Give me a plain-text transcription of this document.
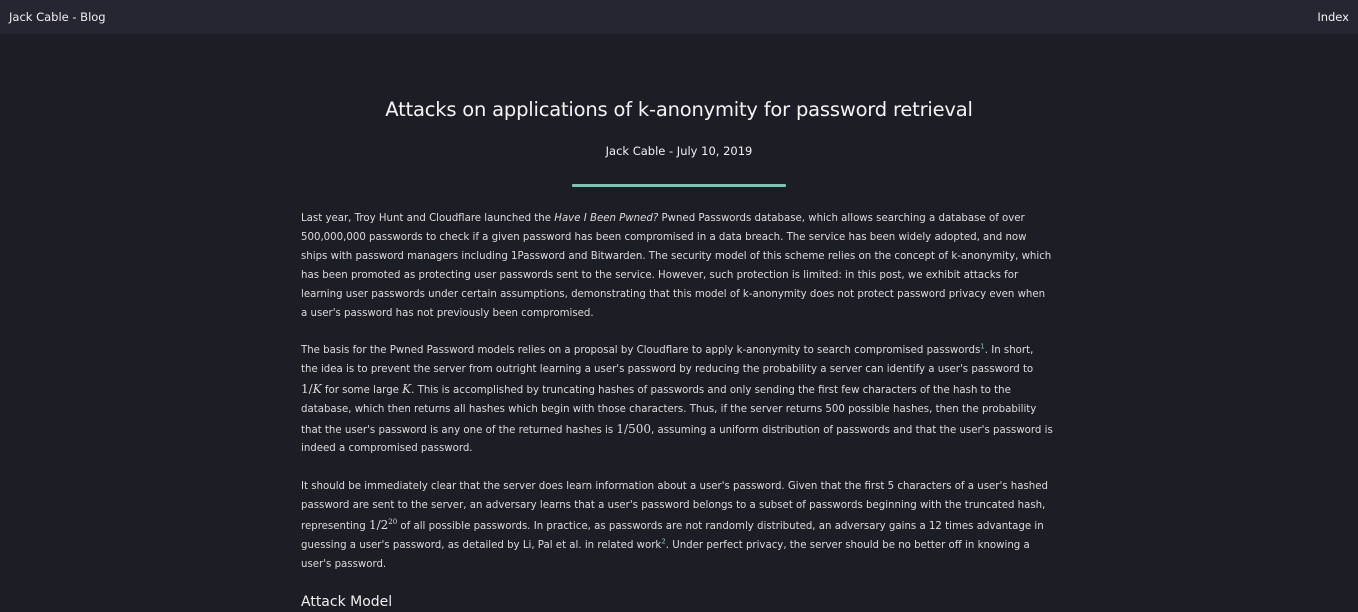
Jack Cable - Blog	Index
Attacks on applications of k-anonymity for password retrieval
Jack Cable - July 10, 2019

Last year, Troy Hunt and Cloudflare launched the Have I Been Pwned? Pwned Passwords database, which allows searching a database of over 500,000,000 passwords to check if a given password has been compromised in a data breach. The service has been widely adopted, and now ships with password managers including 1Password and Bitwarden. The security model of this scheme relies on the concept of k-anonymity, which has been promoted as protecting user passwords sent to the service. However, such protection is limited: in this post, we exhibit attacks for learning user passwords under certain assumptions, demonstrating that this model of k-anonymity does not protect password privacy even when a user's password has not previously been compromised.

The basis for the Pwned Password models relies on a proposal by Cloudflare to apply k-anonymity to search compromised passwords$^1$. In short, the idea is to prevent the server from outright learning a user's password by reducing the probability a server can identify a user's password to 1/K for some large K. This is accomplished by truncating hashes of passwords and only sending the first few characters of the hash to the database, which then returns all hashes which begin with those characters. Thus, if the server returns 500 possible hashes, then the probability that the user's password is any one of the returned hashes is 1/500, assuming a uniform distribution of passwords and that the user's password is indeed a compromised password.

It should be immediately clear that the server does learn information about a user's password. Given that the first 5 characters of a user's hashed password are sent to the server, an adversary learns that a user's password belongs to a subset of passwords beginning with the truncated hash, representing $1/2^{20}$ of all possible passwords. In practice, as passwords are not randomly distributed, an adversary gains a 12 times advantage in guessing a user's password, as detailed by Li, Pal et al. in related work$^2$. Under perfect privacy, the server should be no better off in knowing a user's password.

Attack Model
